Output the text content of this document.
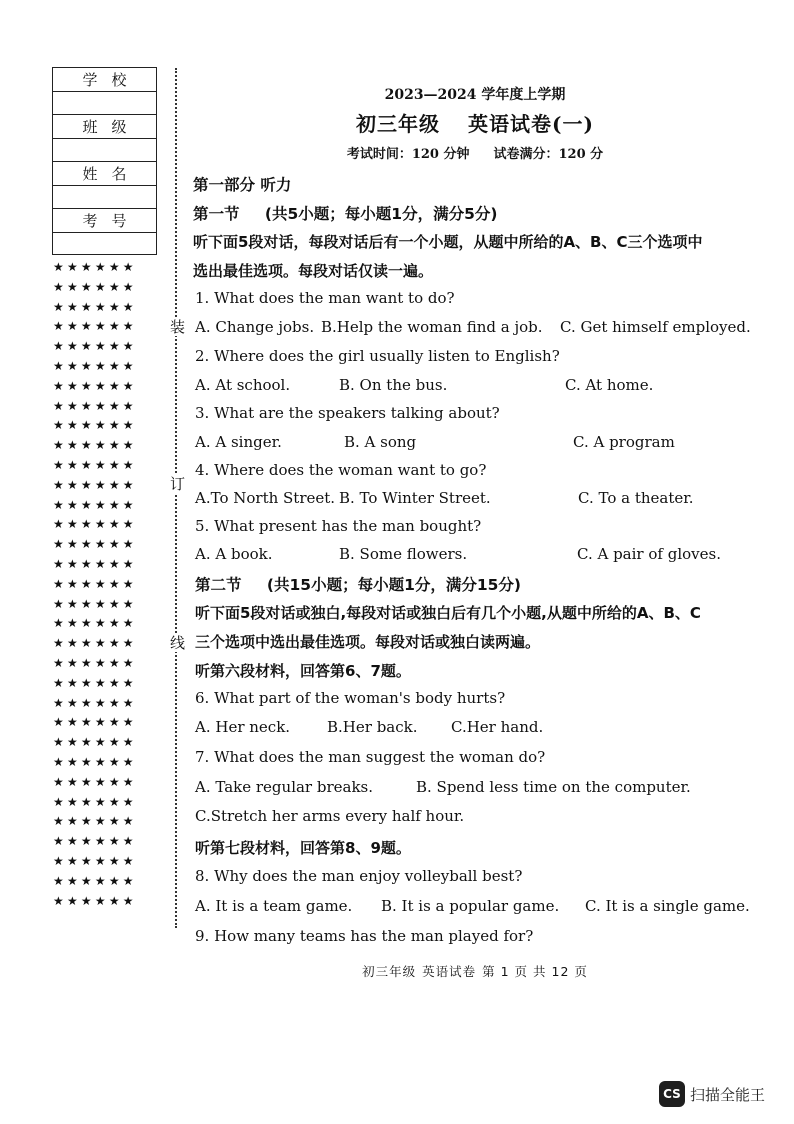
学校
班级
姓名
考号
★★★★★★
★★★★★★
★★★★★★
★★★★★★
★★★★★★
★★★★★★
★★★★★★
★★★★★★
★★★★★★
★★★★★★
★★★★★★
★★★★★★
★★★★★★
★★★★★★
★★★★★★
★★★★★★
★★★★★★
★★★★★★
★★★★★★
★★★★★★
★★★★★★
★★★★★★
★★★★★★
★★★★★★
★★★★★★
★★★★★★
★★★★★★
★★★★★★
★★★★★★
★★★★★★
★★★★★★
★★★★★★
★★★★★★
装
订
线
2023—2024 学年度上学期
初三年级 英语试卷(一)
考试时间：120 分钟 试卷满分：120 分
第一部分 听力
第一节 (共5小题；每小题1分，满分5分)
听下面5段对话，每段对话后有一个小题，从题中所给的A、B、C三个选项中
选出最佳选项。每段对话仅读一遍。
1. What does the man want to do?
A. Change jobs. B.Help the woman find a job. C. Get himself employed.
2. Where does the girl usually listen to English?
A. At school.	B. On the bus.	C. At home.
3. What are the speakers talking about?
A. A singer.	B. A song	C. A program
4. Where does the woman want to go?
A.To North Street. B. To Winter Street.	C. To a theater.
5. What present has the man bought?
A. A book.	B. Some flowers.	C. A pair of gloves.
第二节 (共15小题；每小题1分，满分15分)
听下面5段对话或独白,每段对话或独白后有几个小题,从题中所给的A、B、C
三个选项中选出最佳选项。每段对话或独白读两遍。
听第六段材料，回答第6、7题。
6. What part of the woman's body hurts?
A. Her neck. B.Her back. C.Her hand.
7. What does the man suggest the woman do?
A. Take regular breaks.	B. Spend less time on the computer.
C.Stretch her arms every half hour.
听第七段材料，回答第8、9题。
8. Why does the man enjoy volleyball best?
A. It is a team game. B. It is a popular game. C. It is a single game.
9. How many teams has the man played for?
初三年级 英语试卷 第 1 页 共 12 页
CS 扫描全能王
